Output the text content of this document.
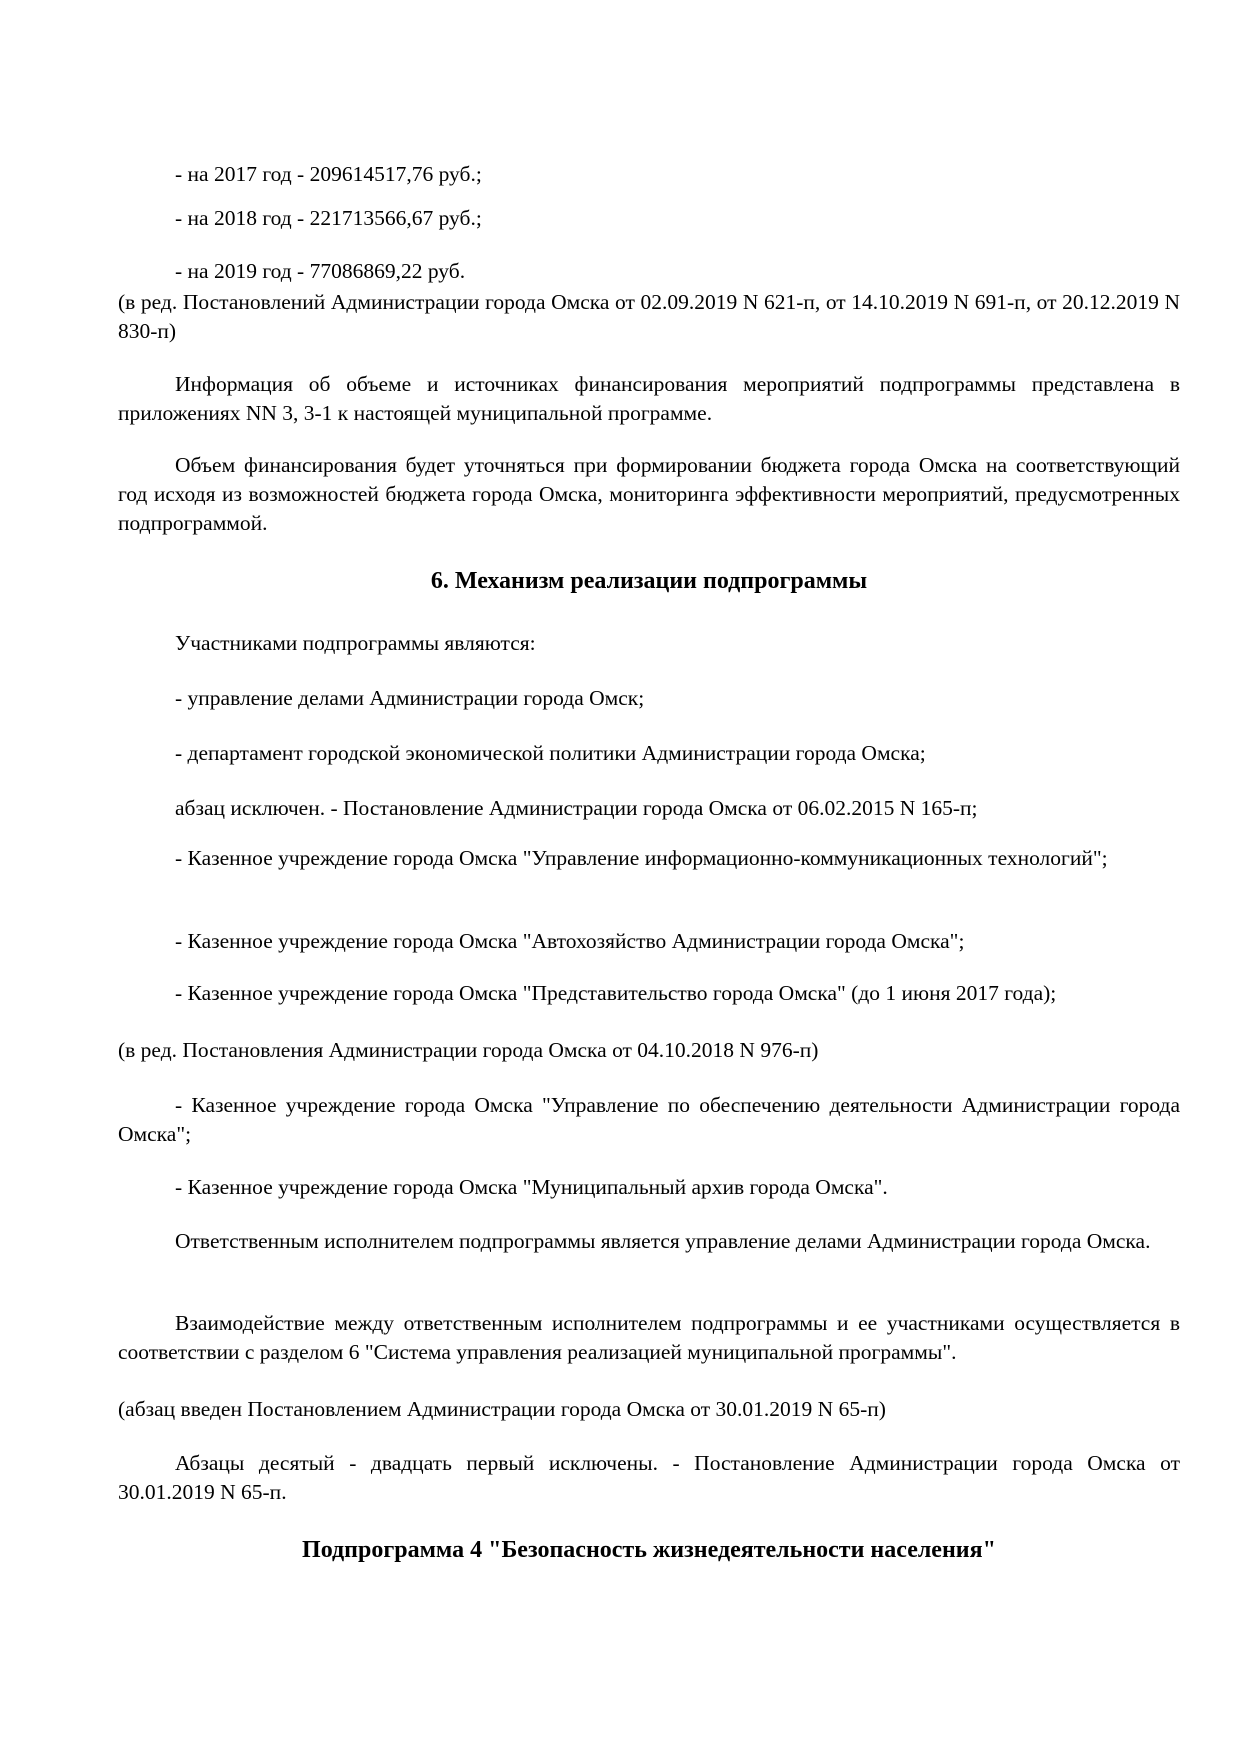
- на 2017 год - 209614517,76 руб.;
- на 2018 год - 221713566,67 руб.;
- на 2019 год - 77086869,22 руб.
(в ред. Постановлений Администрации города Омска от 02.09.2019 N 621-п, от 14.10.2019 N 691-п, от 20.12.2019 N 830-п)
Информация об объеме и источниках финансирования мероприятий подпрограммы представлена в приложениях NN 3, 3-1 к настоящей муниципальной программе.
Объем финансирования будет уточняться при формировании бюджета города Омска на соответствующий год исходя из возможностей бюджета города Омска, мониторинга эффективности мероприятий, предусмотренных подпрограммой.
6. Механизм реализации подпрограммы
Участниками подпрограммы являются:
- управление делами Администрации города Омск;
- департамент городской экономической политики Администрации города Омска;
абзац исключен. - Постановление Администрации города Омска от 06.02.2015 N 165-п;
- Казенное учреждение города Омска "Управление информационно-коммуникационных технологий";
- Казенное учреждение города Омска "Автохозяйство Администрации города Омска";
- Казенное учреждение города Омска "Представительство города Омска" (до 1 июня 2017 года);
(в ред. Постановления Администрации города Омска от 04.10.2018 N 976-п)
- Казенное учреждение города Омска "Управление по обеспечению деятельности Администрации города Омска";
- Казенное учреждение города Омска "Муниципальный архив города Омска".
Ответственным исполнителем подпрограммы является управление делами Администрации города Омска.
Взаимодействие между ответственным исполнителем подпрограммы и ее участниками осуществляется в соответствии с разделом 6 "Система управления реализацией муниципальной программы".
(абзац введен Постановлением Администрации города Омска от 30.01.2019 N 65-п)
Абзацы десятый - двадцать первый исключены. - Постановление Администрации города Омска от 30.01.2019 N 65-п.
Подпрограмма 4 "Безопасность жизнедеятельности населения"
